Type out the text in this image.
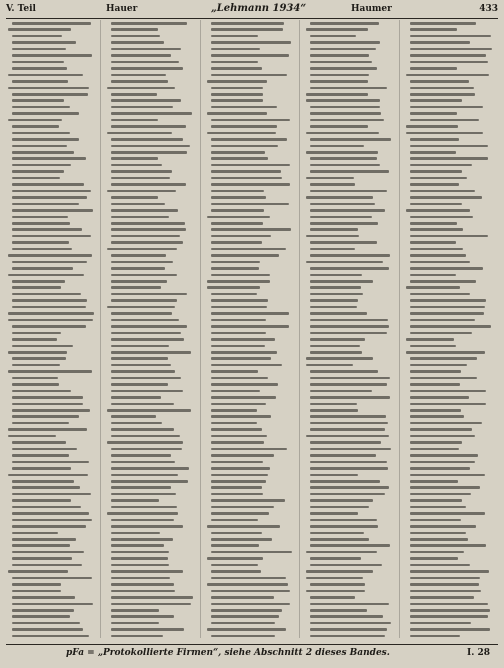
V. Teil	Hauer	„Lehmann 1934“	Haumer	433
pFa = „Protokollierte Firmen“, siehe Abschnitt 2 dieses Bandes.	I. 28
